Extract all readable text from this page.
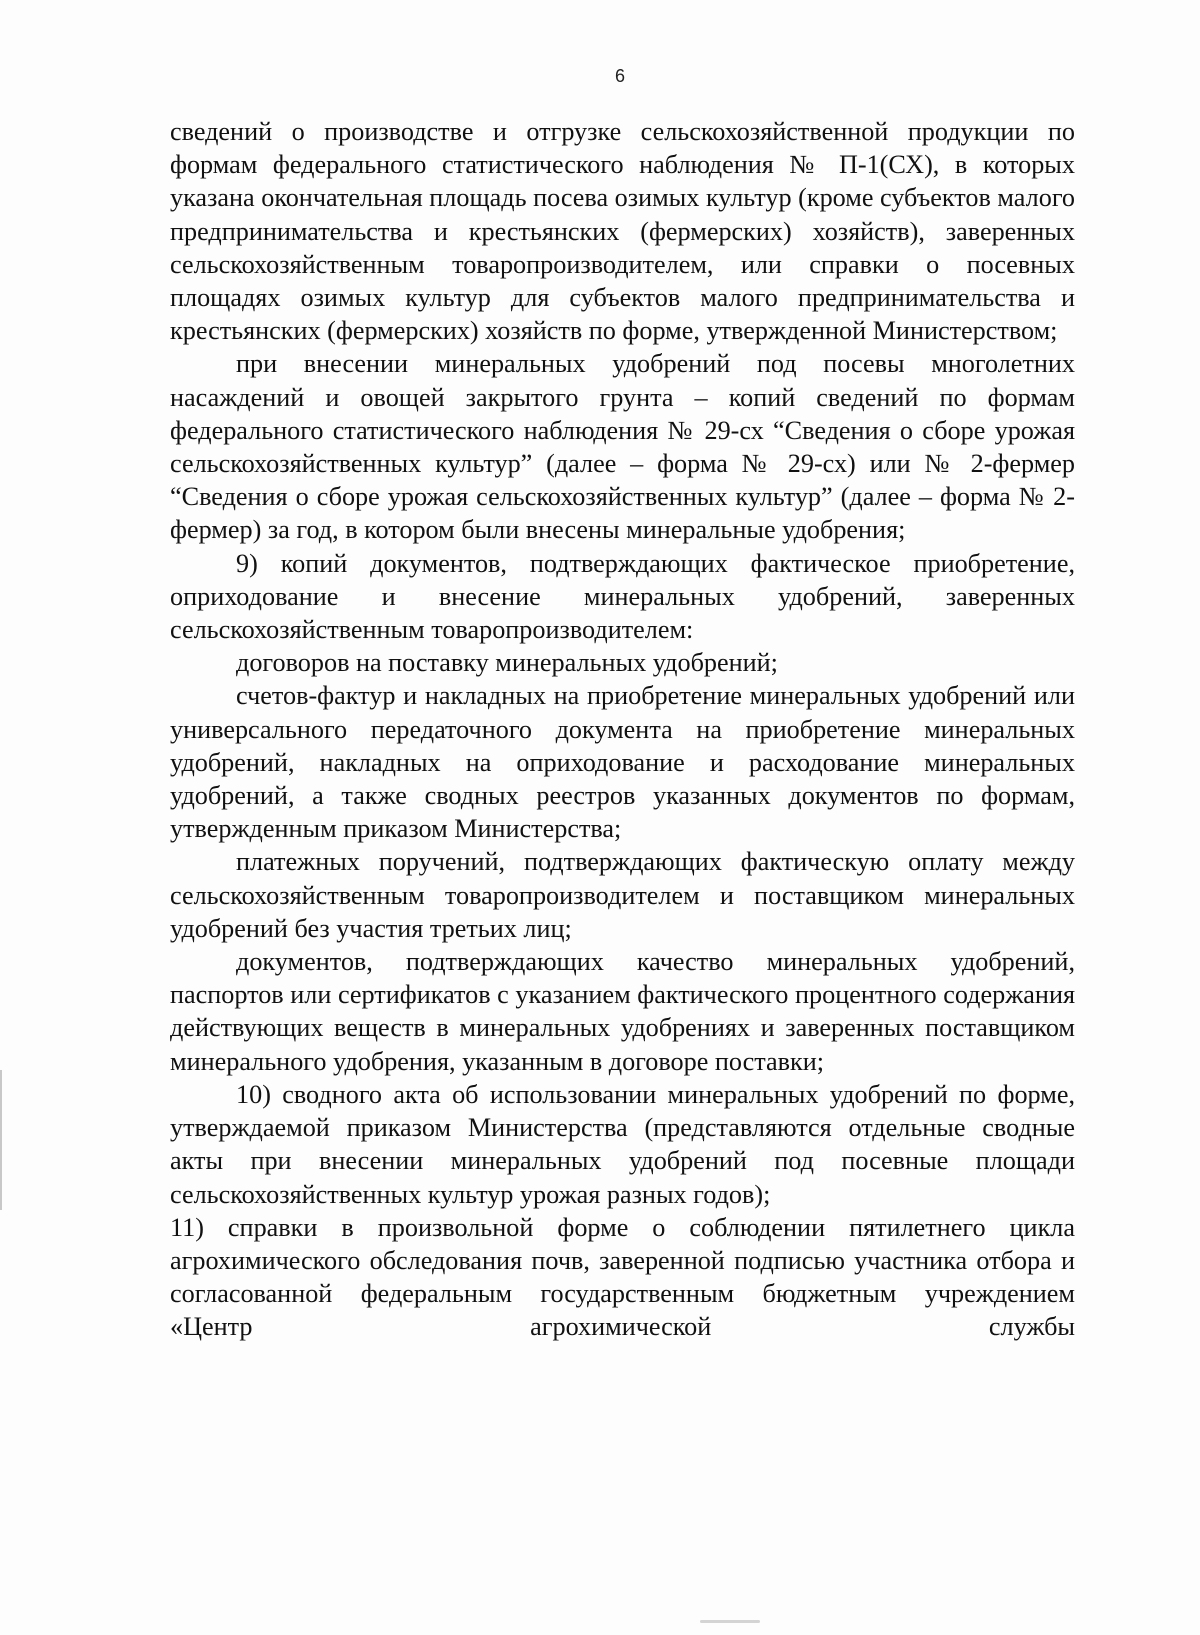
6

сведений о производстве и отгрузке сельскохозяйственной продукции по формам федерального статистического наблюдения № П-1(СХ), в которых указана окончательная площадь посева озимых культур (кроме субъектов малого предпринимательства и крестьянских (фермерских) хозяйств), заверенных сельскохозяйственным товаропроизводителем, или справки о посевных площадях озимых культур для субъектов малого предпринимательства и крестьянских (фермерских) хозяйств по форме, утвержденной Министерством;

при внесении минеральных удобрений под посевы многолетних насаждений и овощей закрытого грунта – копий сведений по формам федерального статистического наблюдения № 29-сх “Сведения о сборе урожая сельскохозяйственных культур” (далее – форма № 29-сх) или № 2-фермер “Сведения о сборе урожая сельскохозяйственных культур” (далее – форма № 2-фермер) за год, в котором были внесены минеральные удобрения;

9) копий документов, подтверждающих фактическое приобретение, оприходование и внесение минеральных удобрений, заверенных сельскохозяйственным товаропроизводителем:

договоров на поставку минеральных удобрений;

счетов-фактур и накладных на приобретение минеральных удобрений или универсального передаточного документа на приобретение минеральных удобрений, накладных на оприходование и расходование минеральных удобрений, а также сводных реестров указанных документов по формам, утвержденным приказом Министерства;

платежных поручений, подтверждающих фактическую оплату между сельскохозяйственным товаропроизводителем и поставщиком минеральных удобрений без участия третьих лиц;

документов, подтверждающих качество минеральных удобрений, паспортов или сертификатов с указанием фактического процентного содержания действующих веществ в минеральных удобрениях и заверенных поставщиком минерального удобрения, указанным в договоре поставки;

10) сводного акта об использовании минеральных удобрений по форме, утверждаемой приказом Министерства (представляются отдельные сводные акты при внесении минеральных удобрений под посевные площади сельскохозяйственных культур урожая разных годов);

11) справки в произвольной форме о соблюдении пятилетнего цикла агрохимического обследования почв, заверенной подписью участника отбора и согласованной федеральным государственным бюджетным учреждением «Центр агрохимической службы
